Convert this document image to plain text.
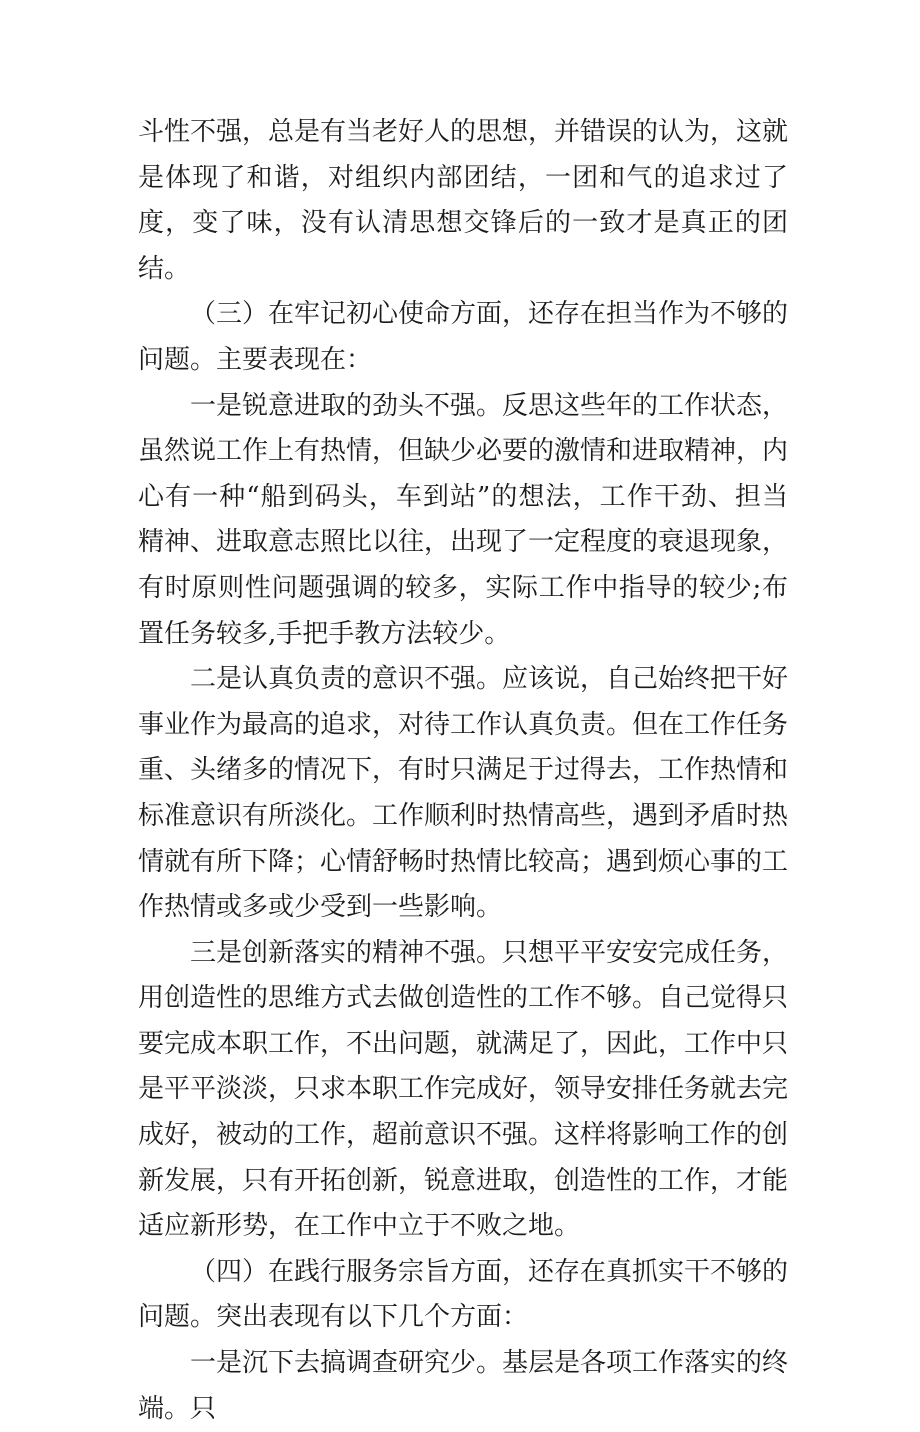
斗性不强，总是有当老好人的思想，并错误的认为，这就是体现了和谐，对组织内部团结，一团和气的追求过了度，变了味，没有认清思想交锋后的一致才是真正的团结。

（三）在牢记初心使命方面，还存在担当作为不够的问题。主要表现在：

一是锐意进取的劲头不强。反思这些年的工作状态，虽然说工作上有热情，但缺少必要的激情和进取精神，内心有一种“船到码头，车到站”的想法，工作干劲、担当精神、进取意志照比以往，出现了一定程度的衰退现象，有时原则性问题强调的较多，实际工作中指导的较少;布置任务较多,手把手教方法较少。

二是认真负责的意识不强。应该说，自己始终把干好事业作为最高的追求，对待工作认真负责。但在工作任务重、头绪多的情况下，有时只满足于过得去，工作热情和标准意识有所淡化。工作顺利时热情高些，遇到矛盾时热情就有所下降；心情舒畅时热情比较高；遇到烦心事的工作热情或多或少受到一些影响。

三是创新落实的精神不强。只想平平安安完成任务，用创造性的思维方式去做创造性的工作不够。自己觉得只要完成本职工作，不出问题，就满足了，因此，工作中只是平平淡淡，只求本职工作完成好，领导安排任务就去完成好，被动的工作，超前意识不强。这样将影响工作的创新发展，只有开拓创新，锐意进取，创造性的工作，才能适应新形势，在工作中立于不败之地。

（四）在践行服务宗旨方面，还存在真抓实干不够的问题。突出表现有以下几个方面：

一是沉下去搞调查研究少。基层是各项工作落实的终端。只
